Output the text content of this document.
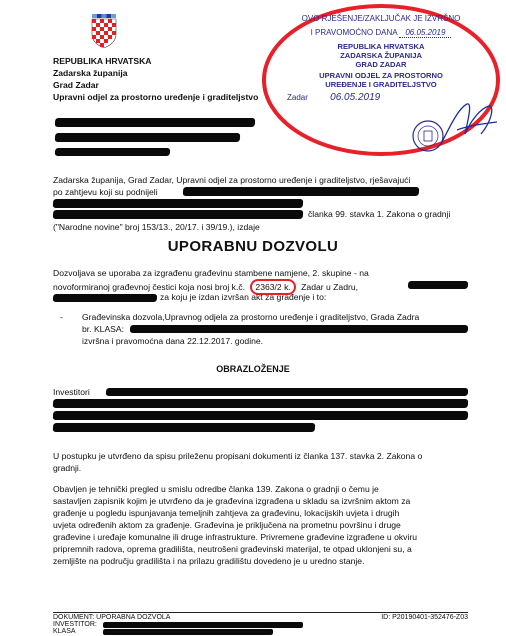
REPUBLIKA HRVATSKA
Zadarska županija
Grad Zadar
Upravni odjel za prostorno uređenje i graditeljstvo
OVO RJEŠENJE/ZAKLJUČAK JE IZVRŠNO
I PRAVOMOĆNO DANA 06.05.2019
REPUBLIKA HRVATSKA
ZADARSKA ŽUPANIJA
GRAD ZADAR
UPRAVNI ODJEL ZA PROSTORNO
UREĐENJE I GRADITELJSTVO
Zadar 06.05.2019
Zadarska županija, Grad Zadar, Upravni odjel za prostorno uređenje i graditeljstvo, rješavajući
po zahtjevu koji su podnijeli
članka 99. stavka 1. Zakona o gradnji
("Narodne novine" broj 153/13., 20/17. i 39/19.), izdaje
UPORABNU DOZVOLU
Dozvoljava se uporaba za izgrađenu građevinu stambene namjene, 2. skupine - na
novoformiranoj građevnoj čestici koja nosi broj k.č. 2363/2 k. Zadar u Zadru,
za koju je izdan izvršan akt za građenje i to:
- Građevinska dozvola,Upravnog odjela za prostorno uređenje i graditeljstvo, Grada Zadra
br. KLASA:
izvršna i pravomoćna dana 22.12.2017. godine.
OBRAZLOŽENJE
Investitori
U postupku je utvrđeno da spisu prileženu propisani dokumenti iz članka 137. stavka 2. Zakona o
gradnji.
Obavljen je tehnički pregled u smislu odredbe članka 139. Zakona o gradnji o čemu je
sastavljen zapisnik kojim je utvrđeno da je građevina izgrađena u skladu sa izvršnim aktom za
građenje u pogledu ispunjavanja temeljnih zahtjeva za građevinu, lokacijskih uvjeta i drugih
uvjeta određenih aktom za građenje. Građevina je priključena na prometnu površinu i druge
građevine i uređaje komunalne ili druge infrastrukture. Privremene građevine izgrađene u okviru
pripremnih radova, oprema gradilišta, neutrošeni građevinski materijal, te otpad uklonjeni su, a
zemljište na području gradilišta i na prilazu gradilištu dovedeno je u uredno stanje.
DOKUMENT: UPORABNA DOZVOLA	ID: P20190401-352476-Z03
INVESTITOR:
KLASA
